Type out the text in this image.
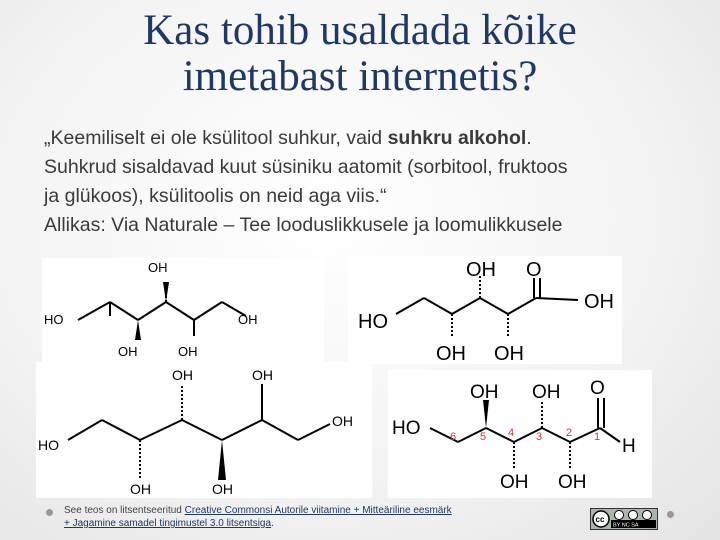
Kas tohib usaldada kõike
imetabast internetis?
„Keemiliselt ei ole ksülitool suhkur, vaid suhkru alkohol.
Suhkrud sisaldavad kuut süsiniku aatomit (sorbitool, fruktoos
ja glükoos), ksülitoolis on neid aga viis.“
Allikas: Via Naturale – Tee looduslikkusele ja loomulikkusele
HO
OH
OH
OH	OH
HO
OH O
OH
OH OH
HO
OH	OH
OH
OH	OH
HO
OH OH O
H
OH OH
6 5 4 3 2 1
See teos on litsentseeritud Creative Commonsi Autorile viitamine + Mitteäriline eesmärk
+ Jagamine samadel tingimustel 3.0 litsentsiga.	cc
BY NC SA
